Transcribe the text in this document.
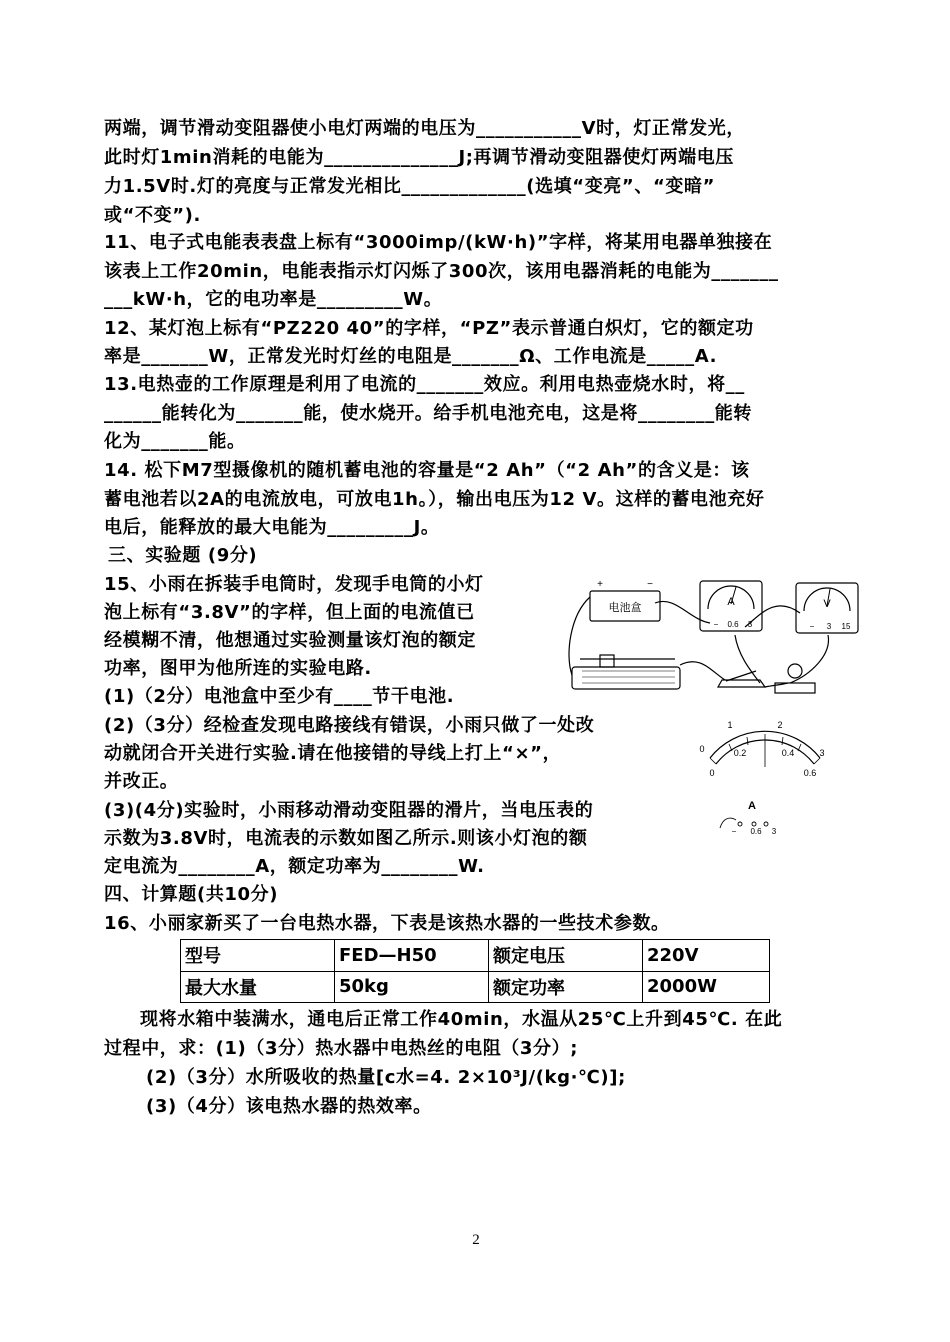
两端，调节滑动变阻器使小电灯两端的电压为___________V时，灯正常发光，
此时灯1min消耗的电能为______________J;再调节滑动变阻器使灯两端电压
力1.5V时.灯的亮度与正常发光相比_____________(选填“变亮”、“变暗”
或“不变”).
11、电子式电能表表盘上标有“3000imp/(kW·h)”字样，将某用电器单独接在
该表上工作20min，电能表指示灯闪烁了300次，该用电器消耗的电能为_______
___kW·h，它的电功率是_________W。
12、某灯泡上标有“PZ220 40”的字样，“PZ”表示普通白炽灯，它的额定功
率是_______W，正常发光时灯丝的电阻是_______Ω、工作电流是_____A.
13.电热壶的工作原理是利用了电流的_______效应。利用电热壶烧水时，将__
______能转化为_______能，使水烧开。给手机电池充电，这是将________能转
化为_______能。
14. 松下M7型摄像机的随机蓄电池的容量是“2 Ah”（“2 Ah”的含义是：该
蓄电池若以2A的电流放电，可放电1h。），输出电压为12 V。这样的蓄电池充好
电后，能释放的最大电能为_________J。
三、实验题 (9分)
15、小雨在拆装手电筒时，发现手电筒的小灯
泡上标有“3.8V”的字样，但上面的电流值已
经模糊不清，他想通过实验测量该灯泡的额定
功率，图甲为他所连的实验电路.
(1)（2分）电池盒中至少有____节干电池.
(2)（3分）经检查发现电路接线有错误，小雨只做了一处改
动就闭合开关进行实验.请在他接错的导线上打上“×”，
并改正。
(3)(4分)实验时，小雨移动滑动变阻器的滑片，当电压表的
示数为3.8V时，电流表的示数如图乙所示.则该小灯泡的额
定电流为________A，额定功率为________W.
四、计算题(共10分)
16、小丽家新买了一台电热水器，下表是该热水器的一些技术参数。
型号	FED—H50	额定电压	220V
最大水量	50kg	额定功率	2000W
现将水箱中装满水，通电后正常工作40min，水温从25℃上升到45℃. 在此
过程中，求：(1)（3分）热水器中电热丝的电阻（3分）;
(2)（3分）水所吸收的热量[c水=4. 2×10³J/(kg·℃)];
(3)（4分）该电热水器的热效率。
电池盒
+	−
A	V
− 0.6 3	− 3 15
1	2
0	3
0.2	0.4
0	0.6
A
− 0.6 3
2
